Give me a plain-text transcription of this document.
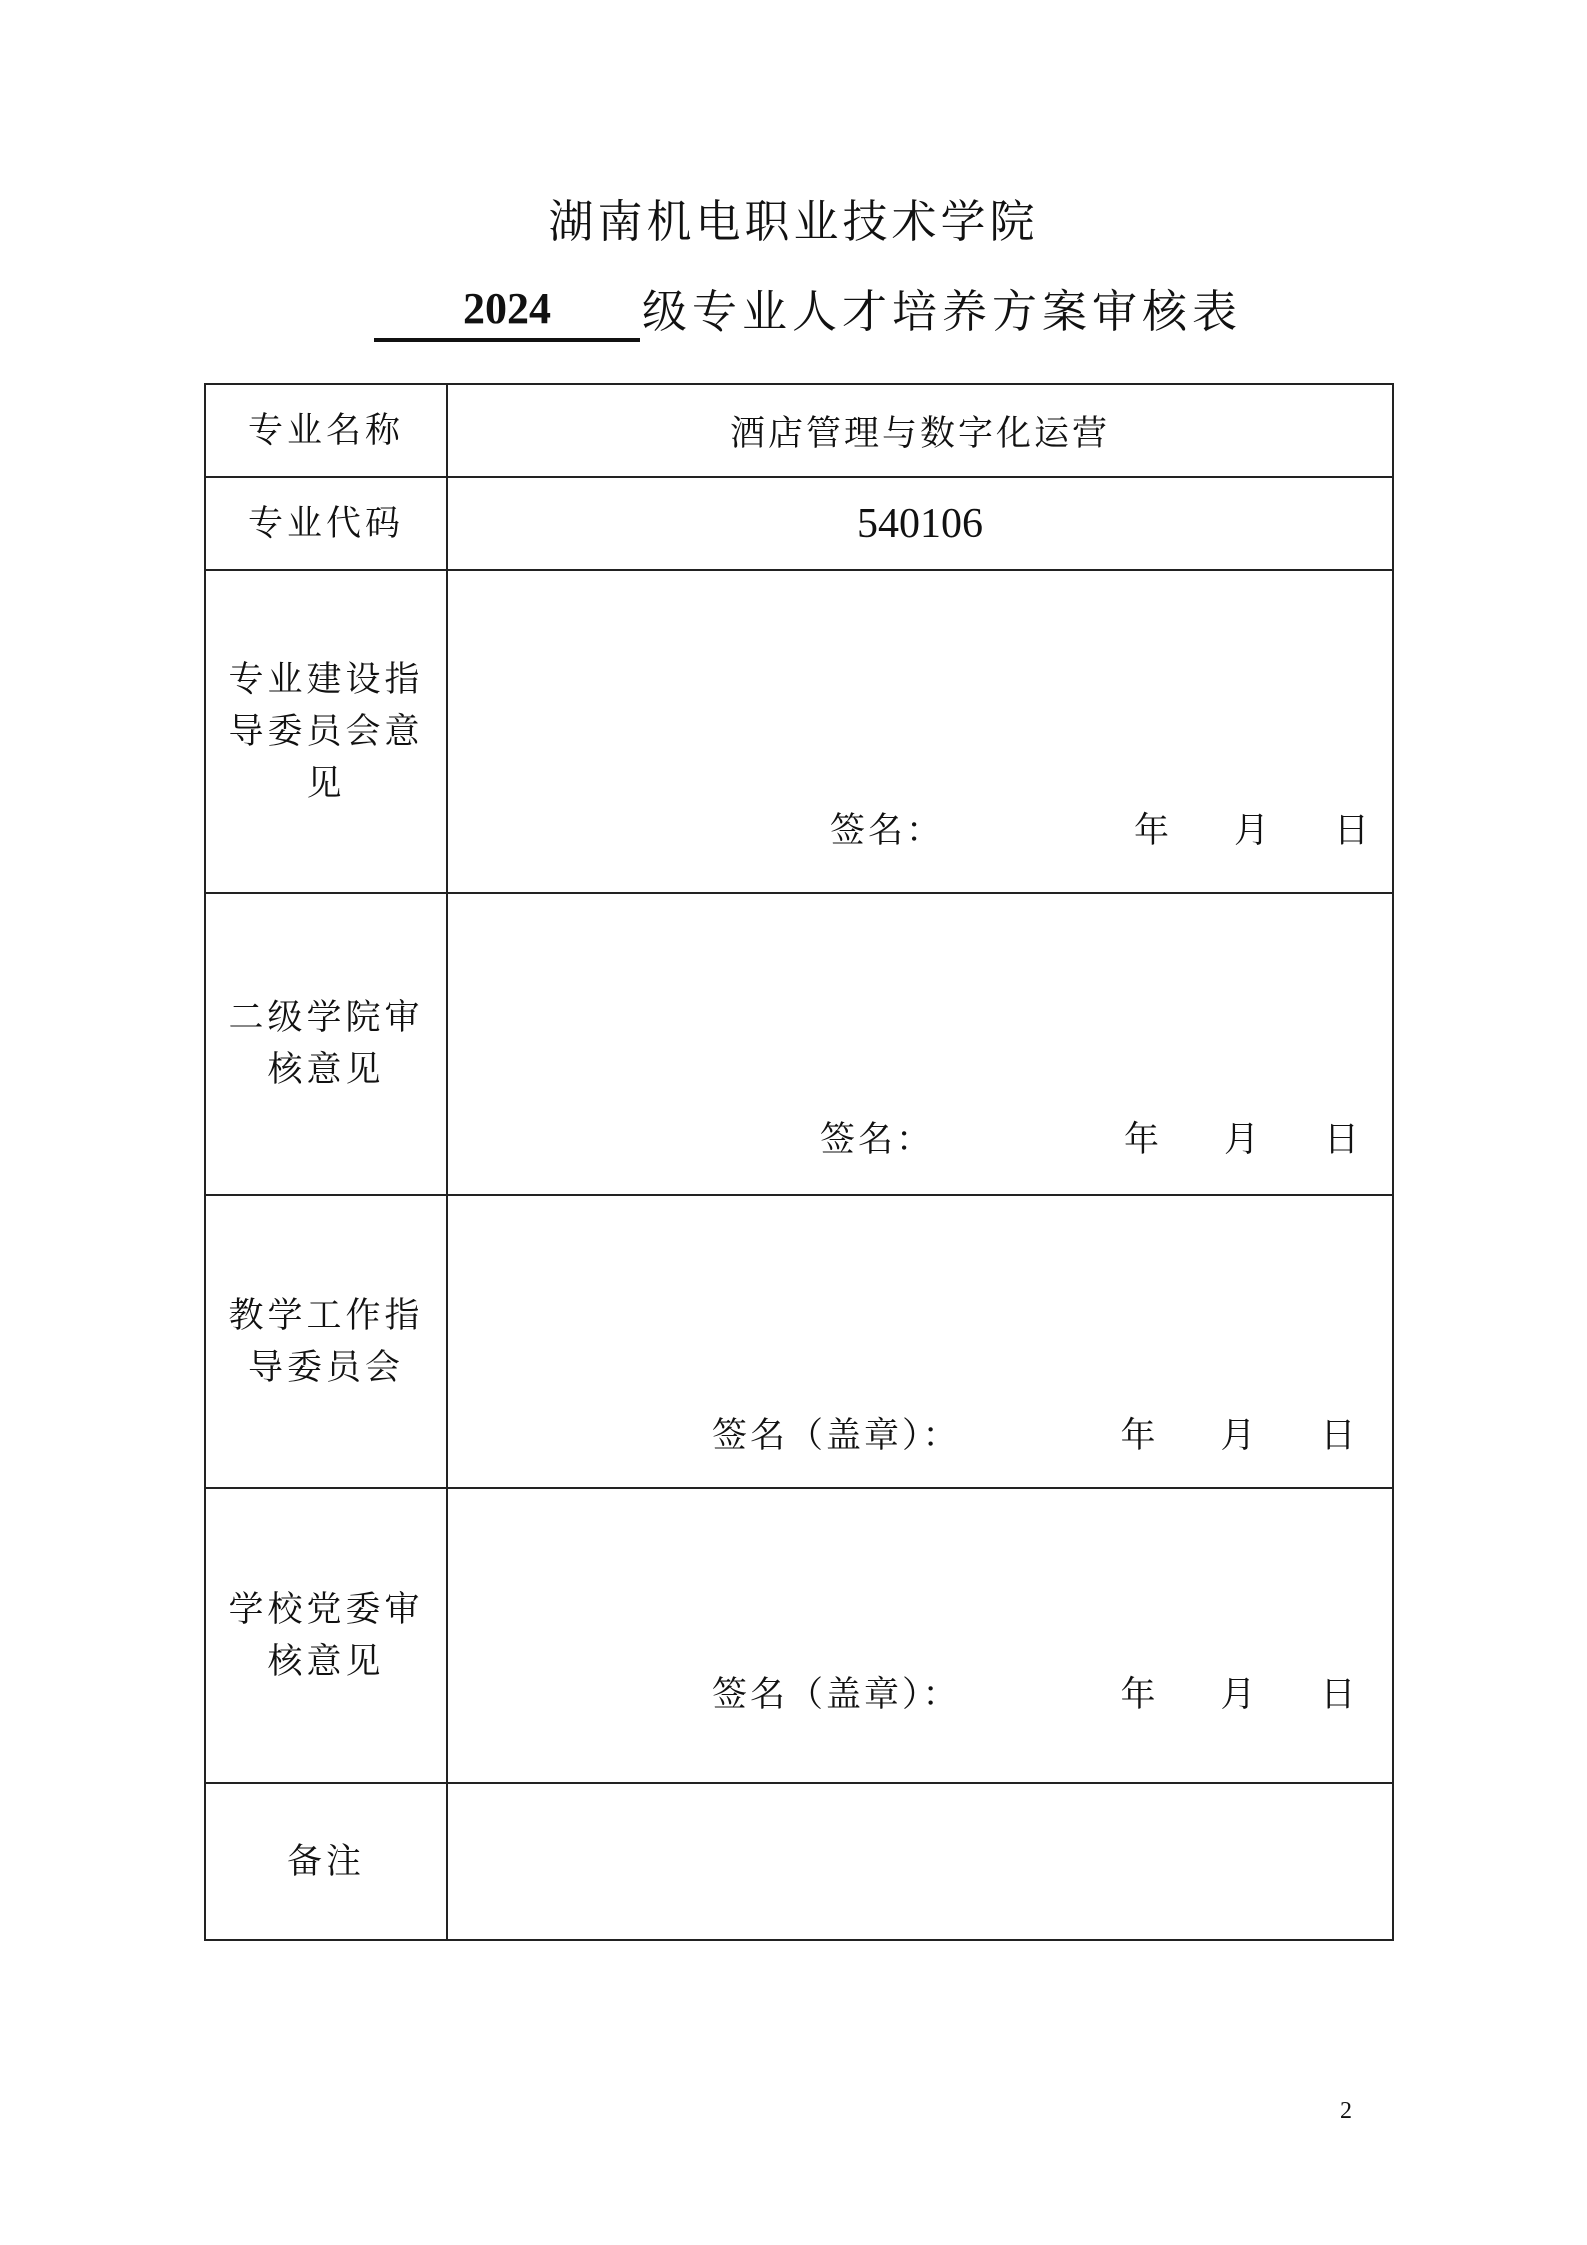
湖南机电职业技术学院
2024 级专业人才培养方案审核表
专业名称	酒店管理与数字化运营

专业代码	540106

专业建设指
导委员会意
见	签名： 年 月 日

二级学院审
核意见	签名： 年 月 日

教学工作指
导委员会	签名（盖章）： 年 月 日

学校党委审
核意见	签名（盖章）： 年 月 日

备注	

2
